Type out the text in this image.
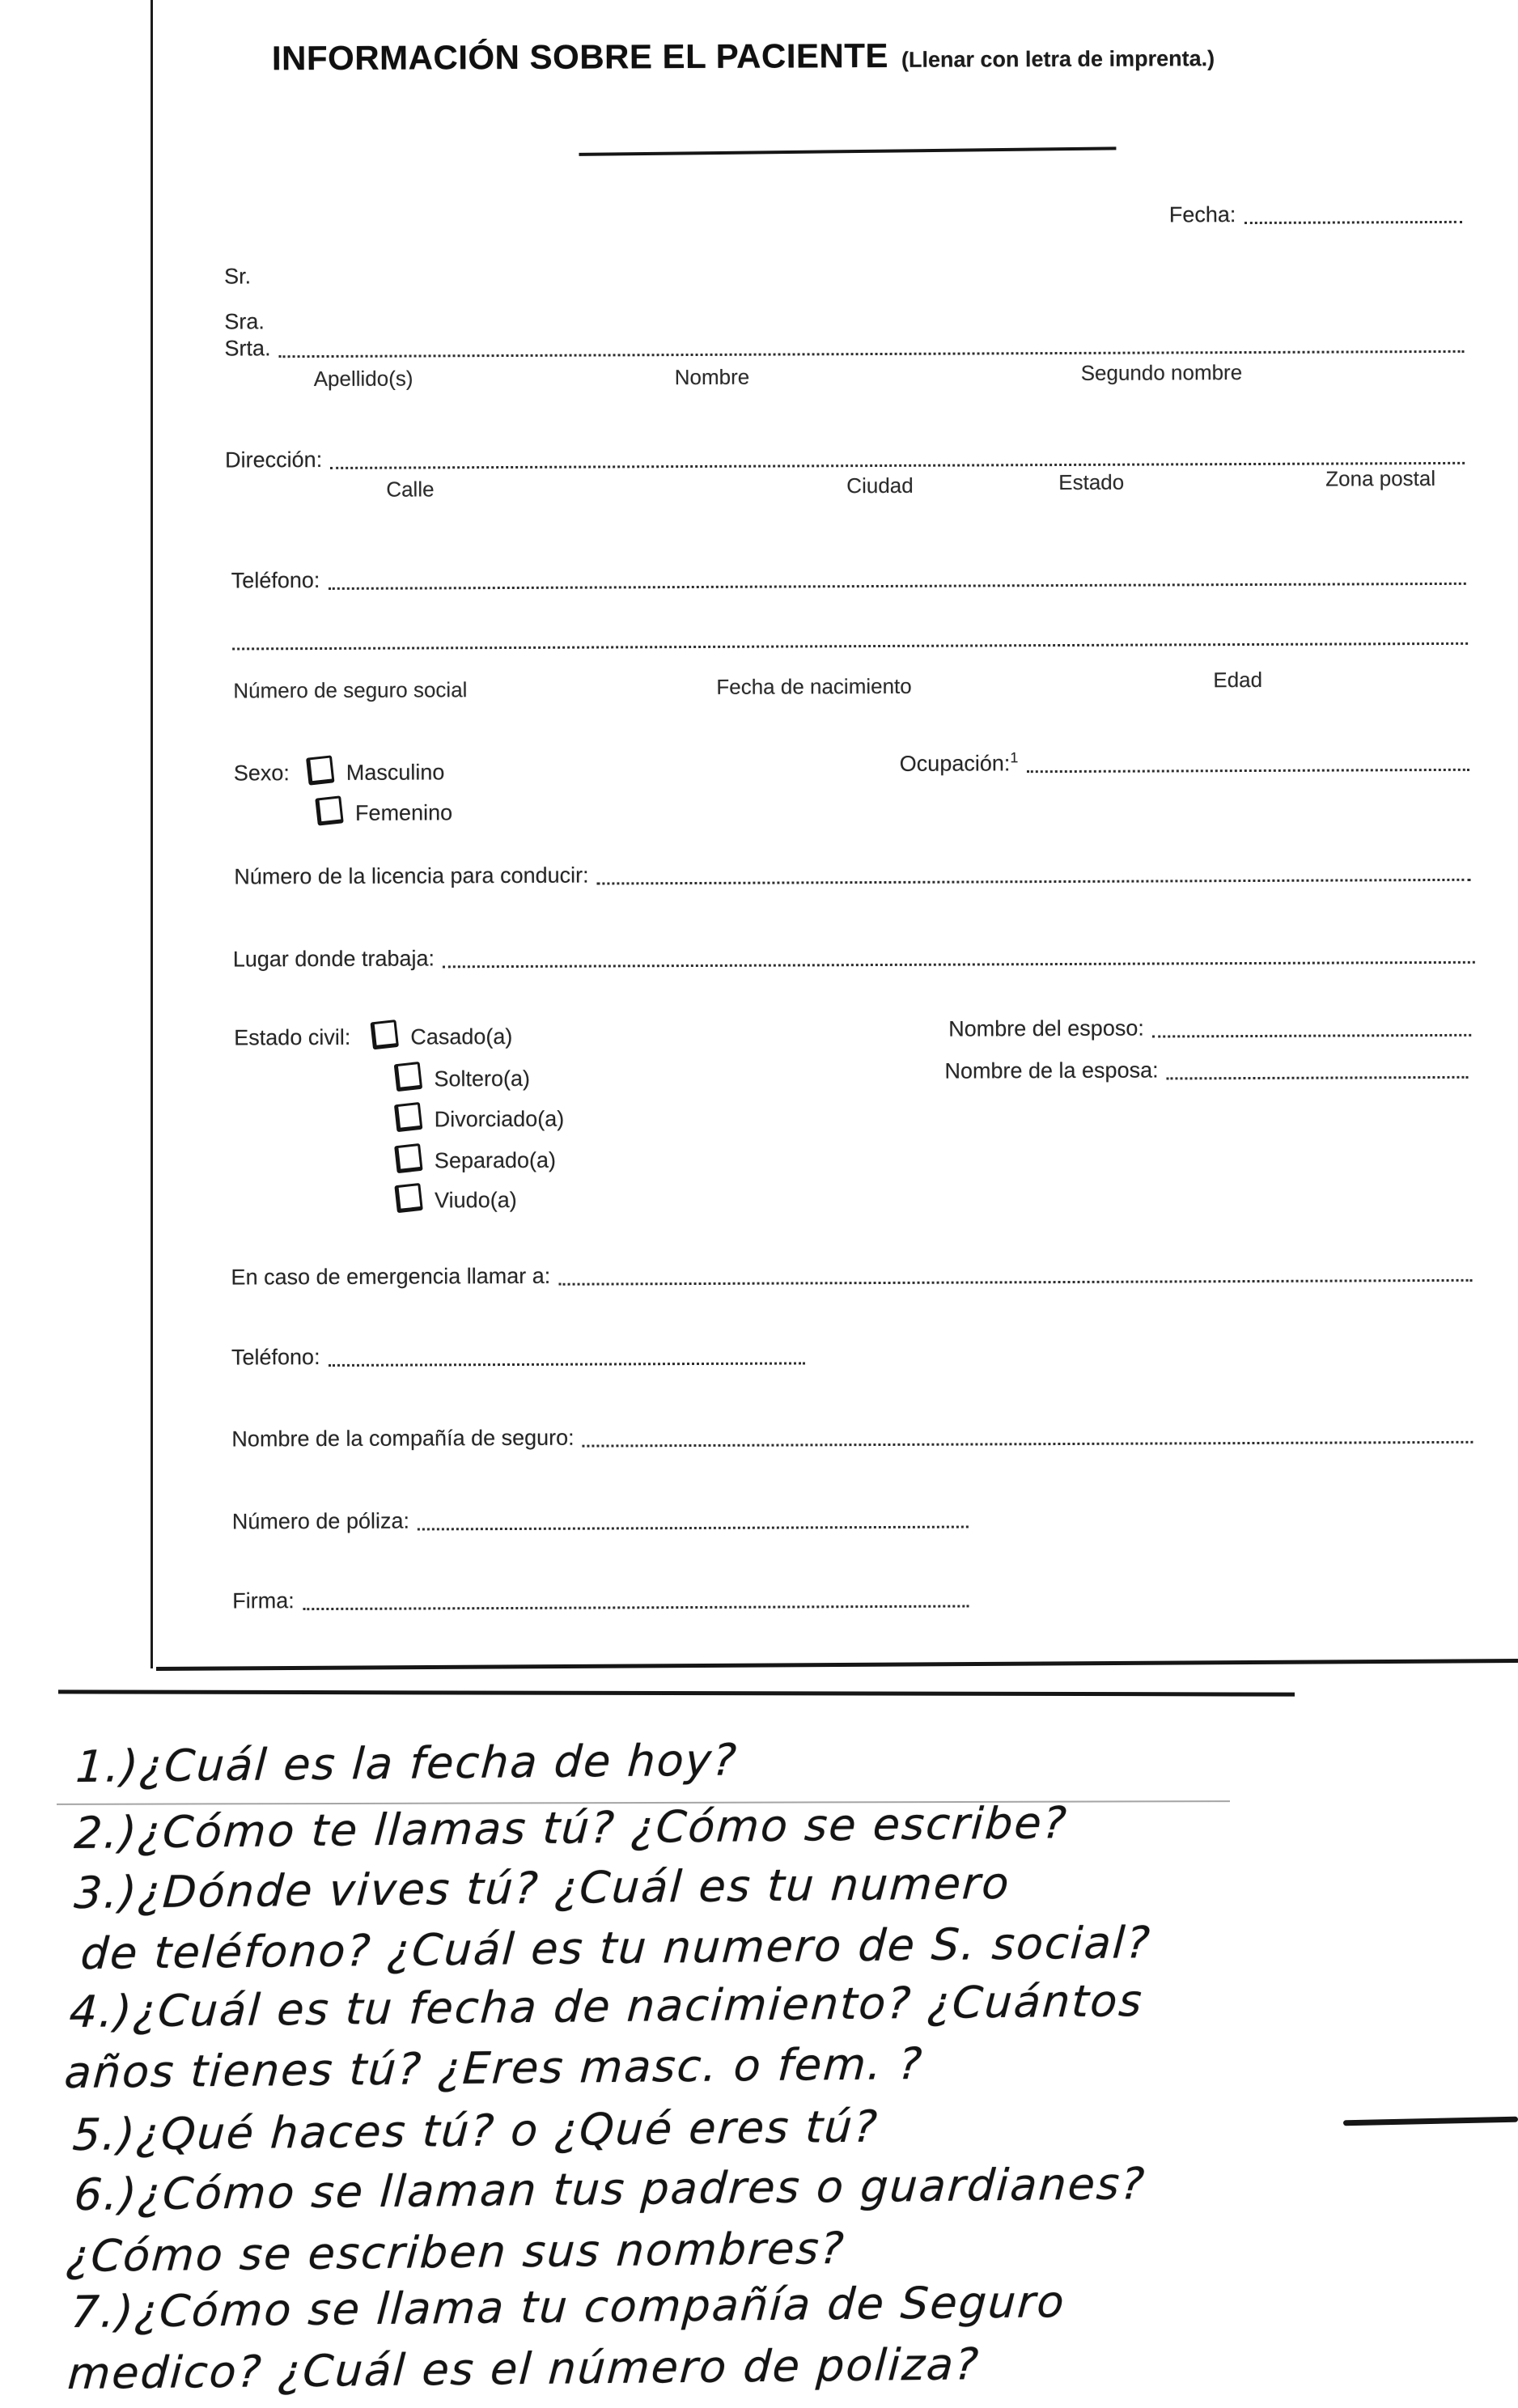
INFORMACIÓN SOBRE EL PACIENTE (Llenar con letra de imprenta.)
Fecha:
Sr.
Sra.
Srta.
Apellido(s)	Nombre	Segundo nombre
Dirección:
Calle	Ciudad	Estado	Zona postal
Teléfono:
Número de seguro social	Fecha de nacimiento	Edad
Sexo:	Masculino	Ocupación:$^1$
Femenino
Número de la licencia para conducir:
Lugar donde trabaja:
Estado civil:	Casado(a)	Nombre del esposo:
Soltero(a)	Nombre de la esposa:
Divorciado(a)
Separado(a)
Viudo(a)
En caso de emergencia llamar a:
Teléfono:
Nombre de la compañía de seguro:
Número de póliza:
Firma:
1.)¿Cuál es la fecha de hoy?
2.)¿Cómo te llamas tú? ¿Cómo se escribe?
3.)¿Dónde vives tú? ¿Cuál es tu numero
de teléfono? ¿Cuál es tu numero de S. social?
4.)¿Cuál es tu fecha de nacimiento? ¿Cuántos
años tienes tú? ¿Eres masc. o fem. ?
5.)¿Qué haces tú? o ¿Qué eres tú?
6.)¿Cómo se llaman tus padres o guardianes?
¿Cómo se escriben sus nombres?
7.)¿Cómo se llama tu compañía de Seguro
medico? ¿Cuál es el número de poliza?
